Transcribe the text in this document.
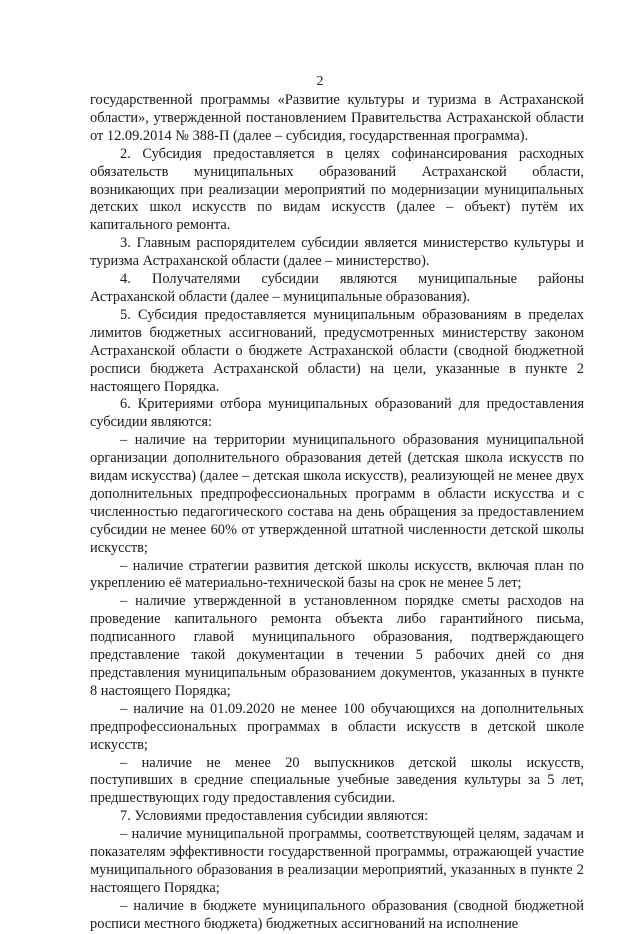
2

государственной программы «Развитие культуры и туризма в Астраханской области», утвержденной постановлением Правительства Астраханской области от 12.09.2014 № 388-П (далее – субсидия, государственная программа).

2. Субсидия предоставляется в целях софинансирования расходных обязательств муниципальных образований Астраханской области, возникающих при реализации мероприятий по модернизации муниципальных детских школ искусств по видам искусств (далее – объект) путём их капитального ремонта.

3. Главным распорядителем субсидии является министерство культуры и туризма Астраханской области (далее – министерство).

4. Получателями субсидии являются муниципальные районы Астраханской области (далее – муниципальные образования).

5. Субсидия предоставляется муниципальным образованиям в пределах лимитов бюджетных ассигнований, предусмотренных министерству законом Астраханской области о бюджете Астраханской области (сводной бюджетной росписи бюджета Астраханской области) на цели, указанные в пункте 2 настоящего Порядка.

6. Критериями отбора муниципальных образований для предоставления субсидии являются:

– наличие на территории муниципального образования муниципальной организации дополнительного образования детей (детская школа искусств по видам искусства) (далее – детская школа искусств), реализующей не менее двух дополнительных предпрофессиональных программ в области искусства и с численностью педагогического состава на день обращения за предоставлением субсидии не менее 60% от утвержденной штатной численности детской школы искусств;

– наличие стратегии развития детской школы искусств, включая план по укреплению её материально-технической базы на срок не менее 5 лет;

– наличие утвержденной в установленном порядке сметы расходов на проведение капитального ремонта объекта либо гарантийного письма, подписанного главой муниципального образования, подтверждающего представление такой документации в течении 5 рабочих дней со дня представления муниципальным образованием документов, указанных в пункте 8 настоящего Порядка;

– наличие на 01.09.2020 не менее 100 обучающихся на дополнительных предпрофессиональных программах в области искусств в детской школе искусств;

– наличие не менее 20 выпускников детской школы искусств, поступивших в средние специальные учебные заведения культуры за 5 лет, предшествующих году предоставления субсидии.

7. Условиями предоставления субсидии являются:

– наличие муниципальной программы, соответствующей целям, задачам и показателям эффективности государственной программы, отражающей участие муниципального образования в реализации мероприятий, указанных в пункте 2 настоящего Порядка;

– наличие в бюджете муниципального образования (сводной бюджетной росписи местного бюджета) бюджетных ассигнований на исполнение
